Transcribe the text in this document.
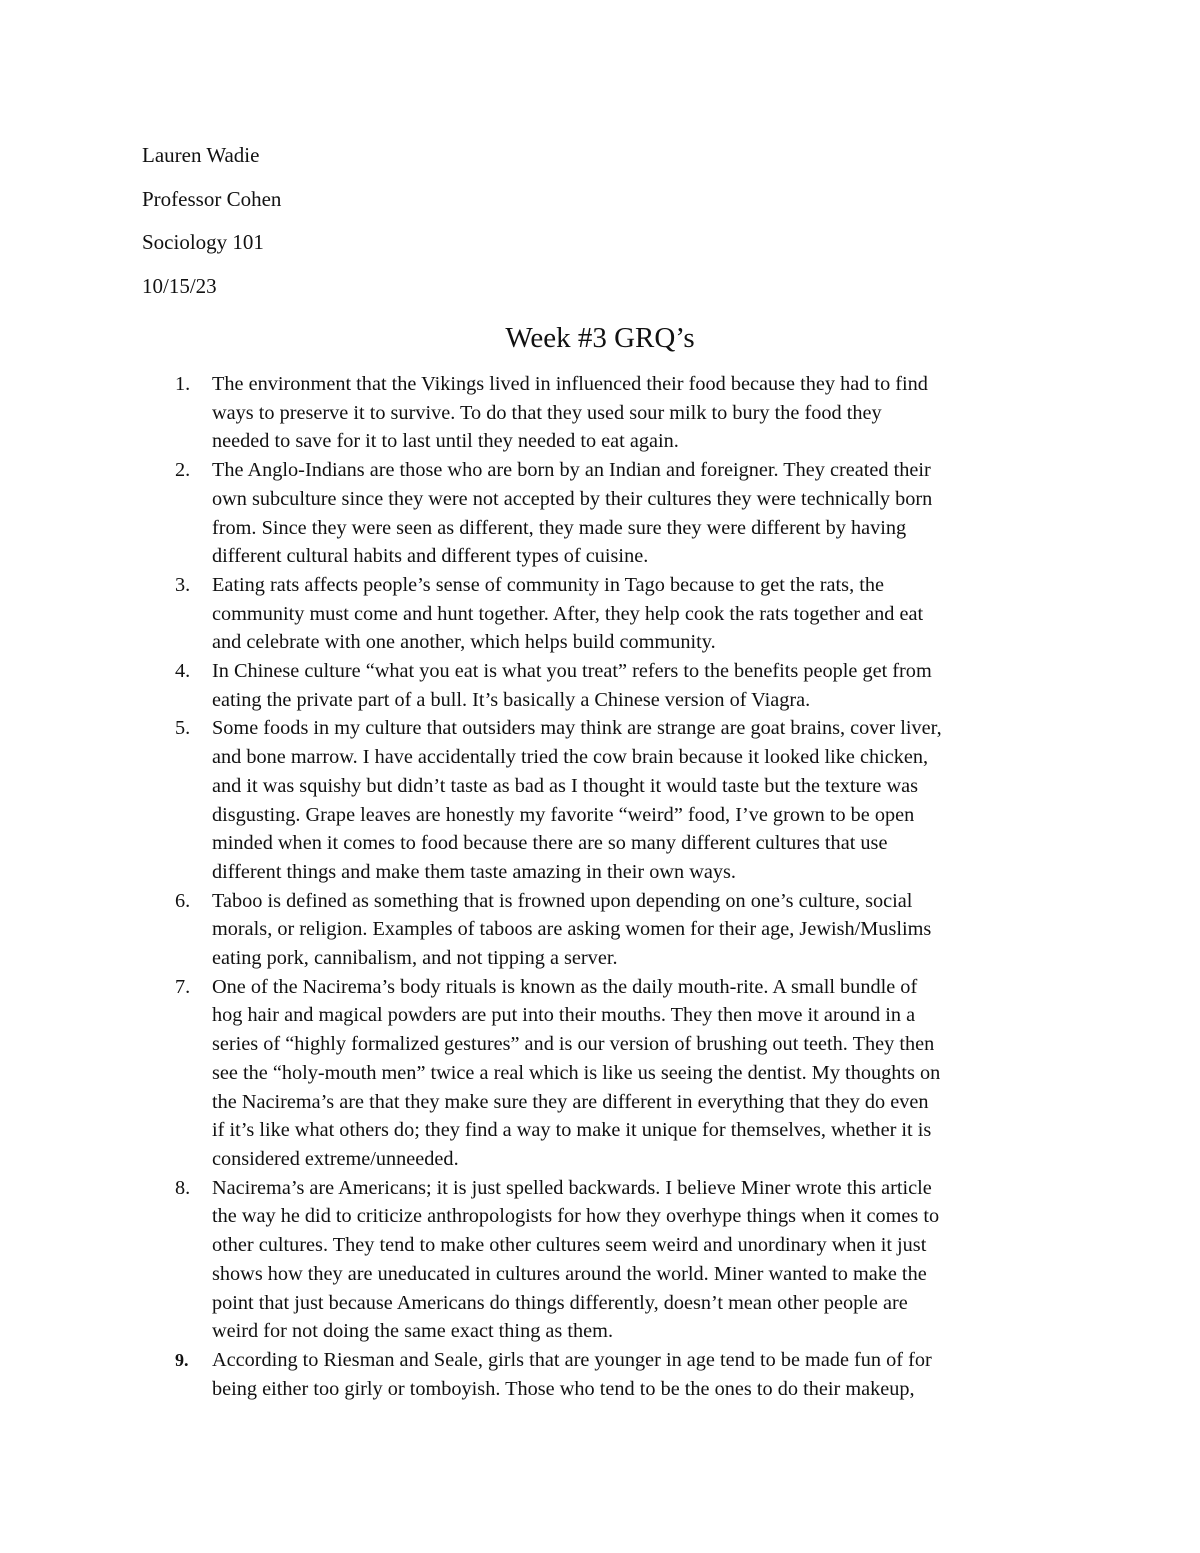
Lauren Wadie
Professor Cohen
Sociology 101
10/15/23
Week #3 GRQ’s
1.	The environment that the Vikings lived in influenced their food because they had to find
ways to preserve it to survive. To do that they used sour milk to bury the food they
needed to save for it to last until they needed to eat again.
2.	The Anglo-Indians are those who are born by an Indian and foreigner. They created their
own subculture since they were not accepted by their cultures they were technically born
from. Since they were seen as different, they made sure they were different by having
different cultural habits and different types of cuisine.
3.	Eating rats affects people’s sense of community in Tago because to get the rats, the
community must come and hunt together. After, they help cook the rats together and eat
and celebrate with one another, which helps build community.
4.	In Chinese culture “what you eat is what you treat” refers to the benefits people get from
eating the private part of a bull. It’s basically a Chinese version of Viagra.
5.	Some foods in my culture that outsiders may think are strange are goat brains, cover liver,
and bone marrow. I have accidentally tried the cow brain because it looked like chicken,
and it was squishy but didn’t taste as bad as I thought it would taste but the texture was
disgusting. Grape leaves are honestly my favorite “weird” food, I’ve grown to be open
minded when it comes to food because there are so many different cultures that use
different things and make them taste amazing in their own ways.
6.	Taboo is defined as something that is frowned upon depending on one’s culture, social
morals, or religion. Examples of taboos are asking women for their age, Jewish/Muslims
eating pork, cannibalism, and not tipping a server.
7.	One of the Nacirema’s body rituals is known as the daily mouth-rite. A small bundle of
hog hair and magical powders are put into their mouths. They then move it around in a
series of “highly formalized gestures” and is our version of brushing out teeth. They then
see the “holy-mouth men” twice a real which is like us seeing the dentist. My thoughts on
the Nacirema’s are that they make sure they are different in everything that they do even
if it’s like what others do; they find a way to make it unique for themselves, whether it is
considered extreme/unneeded.
8.	Nacirema’s are Americans; it is just spelled backwards. I believe Miner wrote this article
the way he did to criticize anthropologists for how they overhype things when it comes to
other cultures. They tend to make other cultures seem weird and unordinary when it just
shows how they are uneducated in cultures around the world. Miner wanted to make the
point that just because Americans do things differently, doesn’t mean other people are
weird for not doing the same exact thing as them.
9.	According to Riesman and Seale, girls that are younger in age tend to be made fun of for
being either too girly or tomboyish. Those who tend to be the ones to do their makeup,
